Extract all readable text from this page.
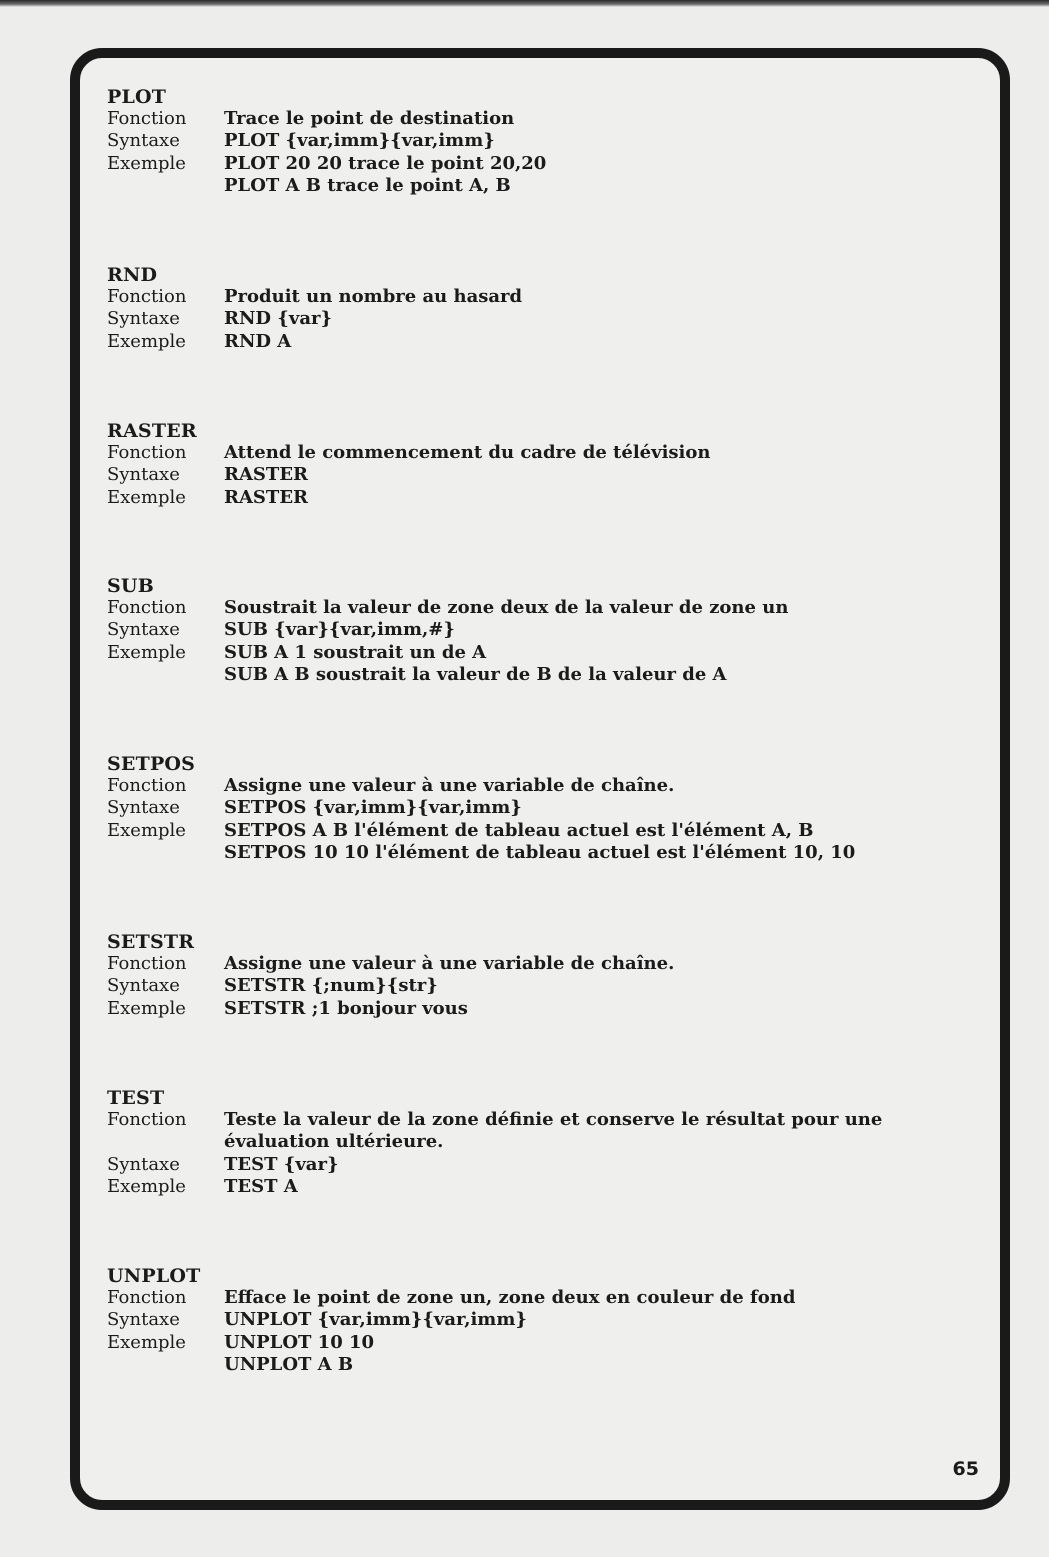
PLOT
Fonction	Trace le point de destination
Syntaxe	PLOT {var,imm}{var,imm}
Exemple	PLOT 20 20 trace le point 20,20
PLOT A B trace le point A, B
RND
Fonction	Produit un nombre au hasard
Syntaxe	RND {var}
Exemple	RND A
RASTER
Fonction	Attend le commencement du cadre de télévision
Syntaxe	RASTER
Exemple	RASTER
SUB
Fonction	Soustrait la valeur de zone deux de la valeur de zone un
Syntaxe	SUB {var}{var,imm,#}
Exemple	SUB A 1 soustrait un de A
SUB A B soustrait la valeur de B de la valeur de A
SETPOS
Fonction	Assigne une valeur à une variable de chaîne.
Syntaxe	SETPOS {var,imm}{var,imm}
Exemple	SETPOS A B l'élément de tableau actuel est l'élément A, B
SETPOS 10 10 l'élément de tableau actuel est l'élément 10, 10
SETSTR
Fonction	Assigne une valeur à une variable de chaîne.
Syntaxe	SETSTR {;num}{str}
Exemple	SETSTR ;1 bonjour vous
TEST
Fonction	Teste la valeur de la zone définie et conserve le résultat pour une
évaluation ultérieure.
Syntaxe	TEST {var}
Exemple	TEST A
UNPLOT
Fonction	Efface le point de zone un, zone deux en couleur de fond
Syntaxe	UNPLOT {var,imm}{var,imm}
Exemple	UNPLOT 10 10
UNPLOT A B
65
